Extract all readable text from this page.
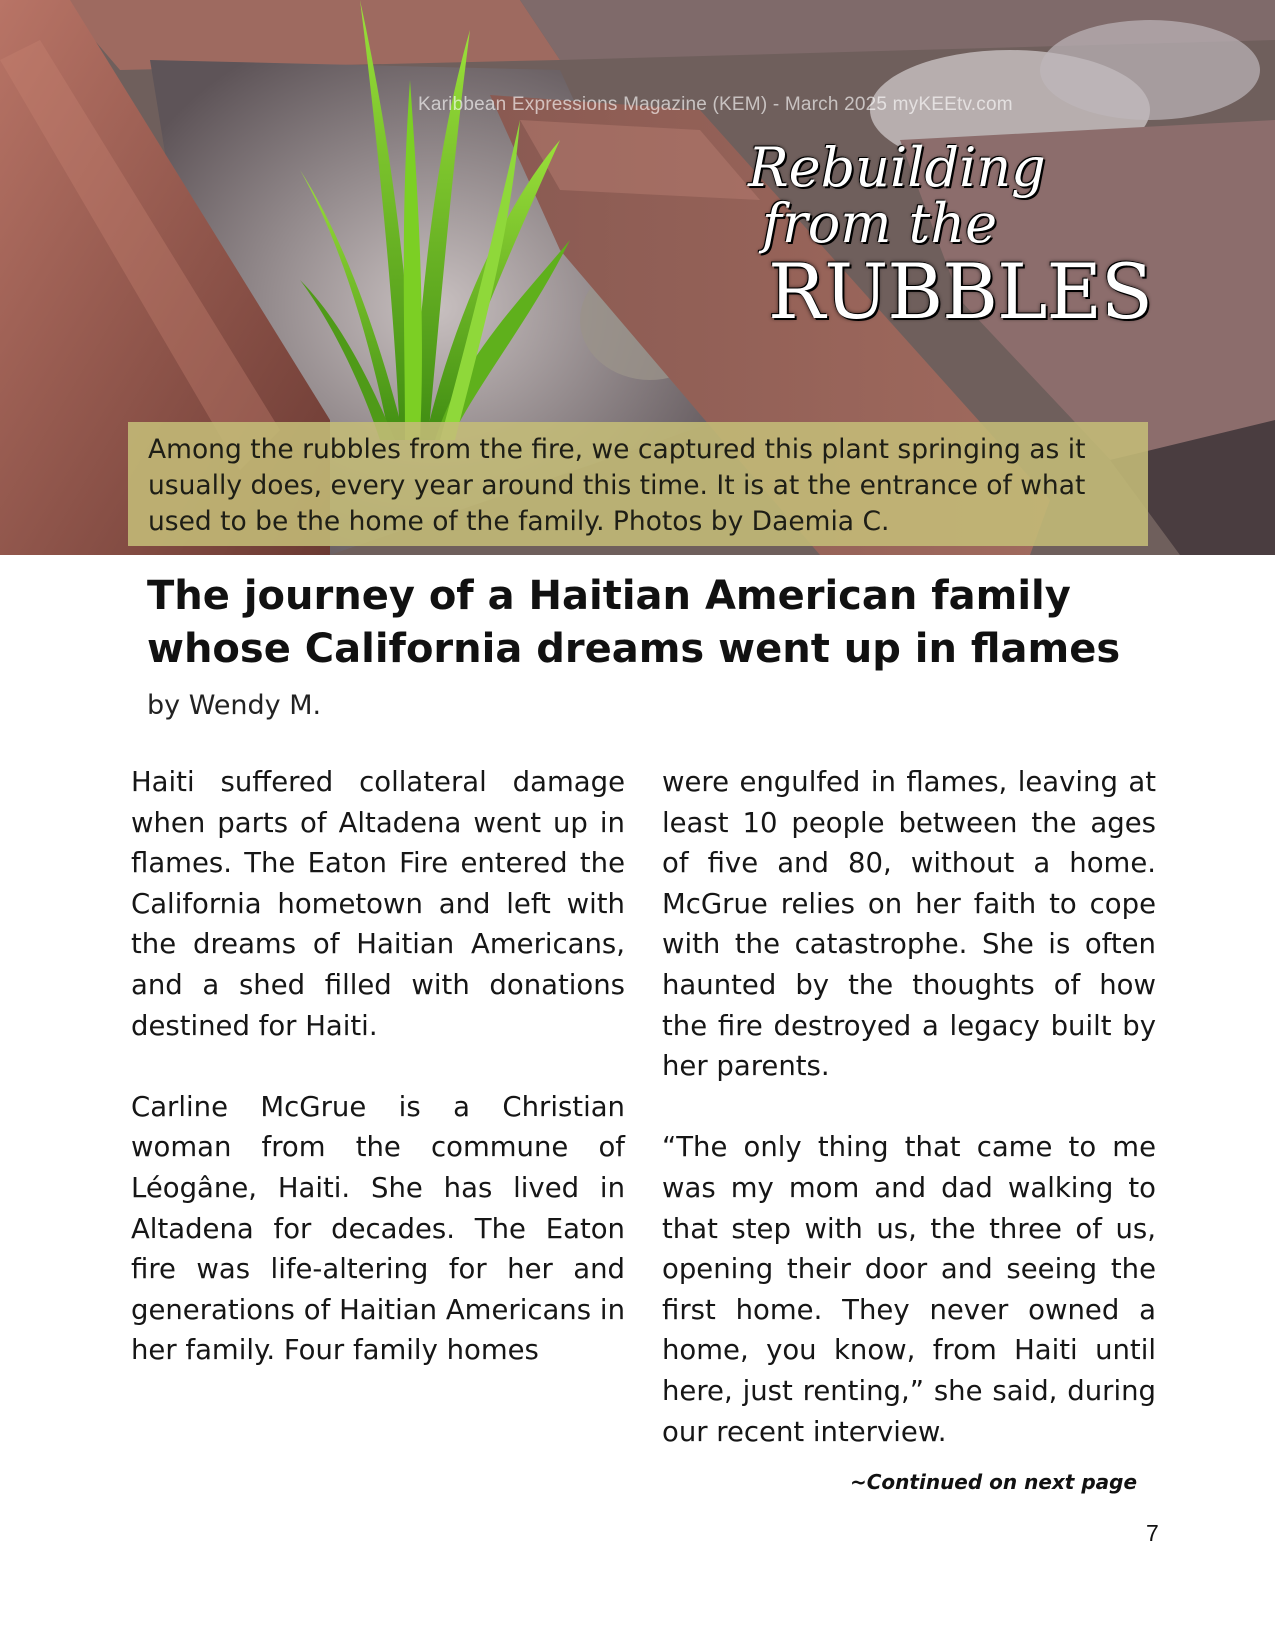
Karibbean Expressions Magazine (KEM) - March 2025 myKEEtv.com
Rebuilding
from the
RUBBLES

Among the rubbles from the fire, we captured this plant springing as it usually does, every year around this time. It is at the entrance of what used to be the home of the family. Photos by Daemia C.

The journey of a Haitian American family whose California dreams went up in flames

by Wendy M.

Haiti suffered collateral damage when parts of Altadena went up in flames. The Eaton Fire entered the California hometown and left with the dreams of Haitian Americans, and a shed filled with donations destined for Haiti.

Carline McGrue is a Christian woman from the commune of Léogâne, Haiti. She has lived in Altadena for decades. The Eaton fire was life-altering for her and generations of Haitian Americans in her family. Four family homes

were engulfed in flames, leaving at least 10 people between the ages of five and 80, without a home. McGrue relies on her faith to cope with the catastrophe. She is often haunted by the thoughts of how the fire destroyed a legacy built by her parents.

“The only thing that came to me was my mom and dad walking to that step with us, the three of us, opening their door and seeing the first home. They never owned a home, you know, from Haiti until here, just renting,” she said, during our recent interview.

~Continued on next page

7
